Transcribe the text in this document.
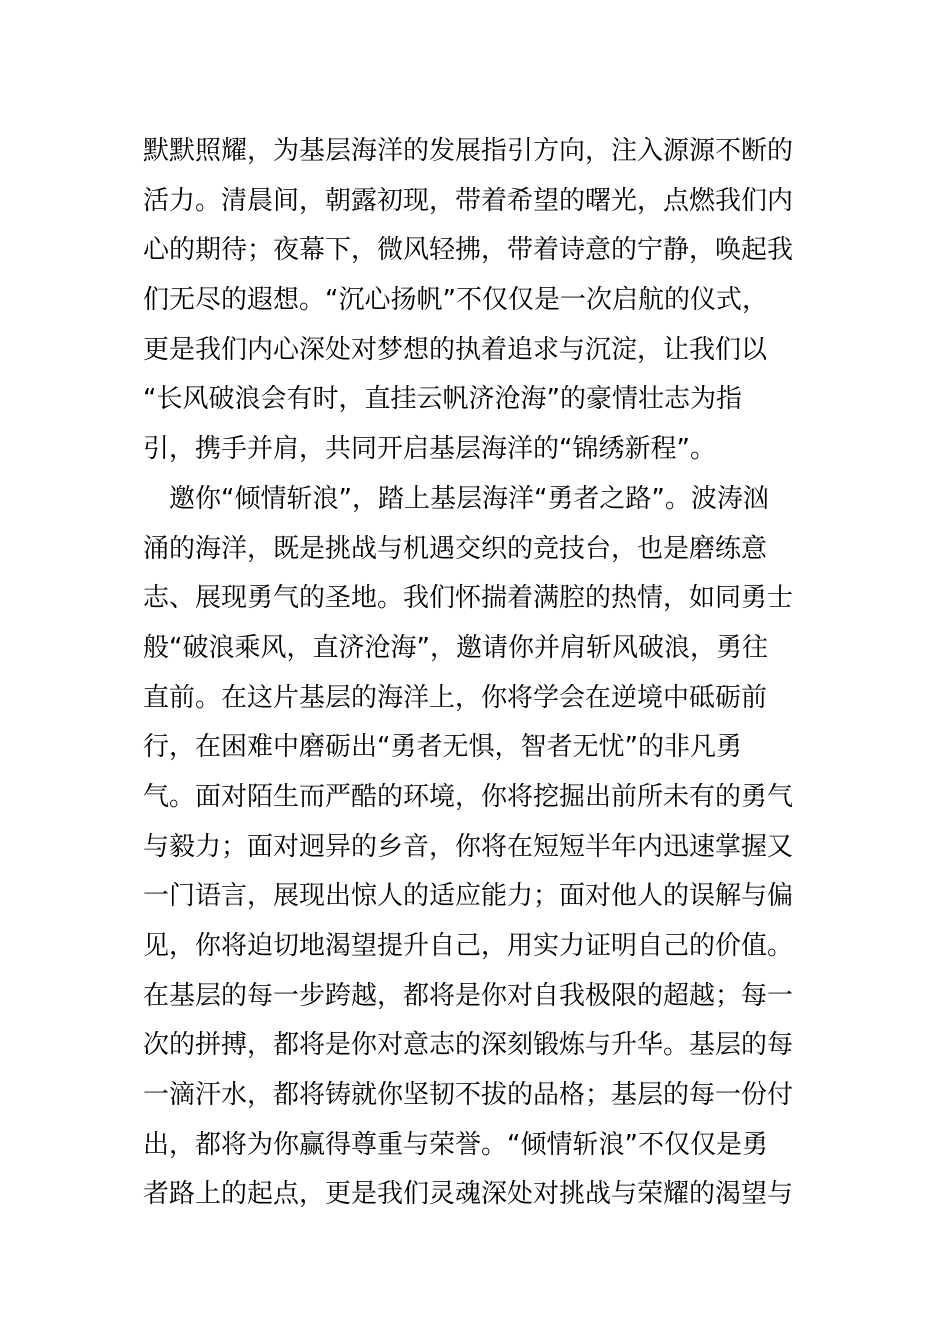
默默照耀，为基层海洋的发展指引方向，注入源源不断的
活力。清晨间，朝露初现，带着希望的曙光，点燃我们内
心的期待；夜幕下，微风轻拂，带着诗意的宁静，唤起我
们无尽的遐想。“沉心扬帆”不仅仅是一次启航的仪式，
更是我们内心深处对梦想的执着追求与沉淀，让我们以
“长风破浪会有时，直挂云帆济沧海”的豪情壮志为指
引，携手并肩，共同开启基层海洋的“锦绣新程”。
邀你“倾情斩浪”，踏上基层海洋“勇者之路”。波涛汹
涌的海洋，既是挑战与机遇交织的竞技台，也是磨练意
志、展现勇气的圣地。我们怀揣着满腔的热情，如同勇士
般“破浪乘风，直济沧海”，邀请你并肩斩风破浪，勇往
直前。在这片基层的海洋上，你将学会在逆境中砥砺前
行，在困难中磨砺出“勇者无惧，智者无忧”的非凡勇
气。面对陌生而严酷的环境，你将挖掘出前所未有的勇气
与毅力；面对迥异的乡音，你将在短短半年内迅速掌握又
一门语言，展现出惊人的适应能力；面对他人的误解与偏
见，你将迫切地渴望提升自己，用实力证明自己的价值。
在基层的每一步跨越，都将是你对自我极限的超越；每一
次的拼搏，都将是你对意志的深刻锻炼与升华。基层的每
一滴汗水，都将铸就你坚韧不拔的品格；基层的每一份付
出，都将为你赢得尊重与荣誉。“倾情斩浪”不仅仅是勇
者路上的起点，更是我们灵魂深处对挑战与荣耀的渴望与
